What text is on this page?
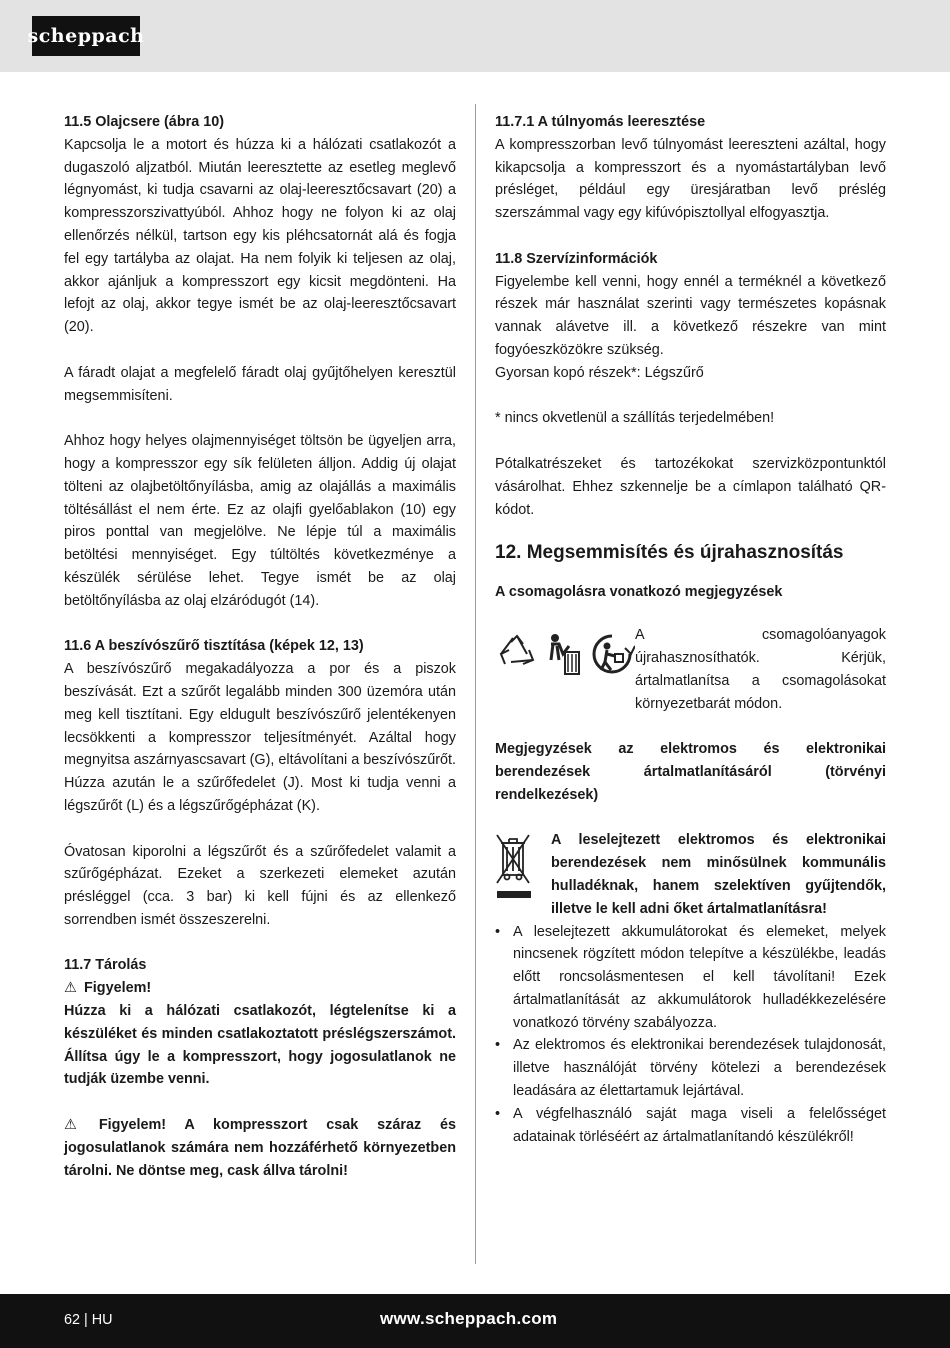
scheppach

11.5 Olajcsere (ábra 10)

Kapcsolja le a motort és húzza ki a hálózati csatlakozót a dugaszoló aljzatból. Miután leeresztette az esetleg meglevő légnyomást, ki tudja csavarni az olaj-leeresztőcsavart (20) a kompresszorszivattyúból. Ahhoz hogy ne folyon ki az olaj ellenőrzés nélkül, tartson egy kis pléhcsatornát alá és fogja fel egy tartályba az olajat. Ha nem folyik ki teljesen az olaj, akkor ajánljuk a kompresszort egy kicsit megdönteni. Ha lefojt az olaj, akkor tegye ismét be az olaj-leeresztőcsavart (20).

A fáradt olajat a megfelelő fáradt olaj gyűjtőhelyen keresztül megsemmisíteni.

Ahhoz hogy helyes olajmennyiséget töltsön be ügyeljen arra, hogy a kompresszor egy sík felületen álljon. Addig új olajat tölteni az olajbetöltőnyílásba, amig az olajállás a maximális töltésállást el nem érte. Ez az olajfi gyelőablakon (10) egy piros ponttal van megjelölve. Ne lépje túl a maximális betöltési mennyiséget. Egy túltöltés következménye a készülék sérülése lehet. Tegye ismét be az olaj betöltőnyílásba az olaj elzáródugót (14).

11.6 A beszívószűrő tisztítása (képek 12, 13)

A beszívószűrő megakadályozza a por és a piszok beszívását. Ezt a szűrőt legalább minden 300 üzemóra után meg kell tisztítani. Egy eldugult beszívószűrő jelentékenyen lecsökkenti a kompresszor teljesítményét. Azáltal hogy megnyitsa aszárnyascsavart (G), eltávolítani a beszívószűrőt. Húzza azután le a szűrőfedelet (J). Most ki tudja venni a légszűrőt (L) és a légszűrőgépházat (K).

Óvatosan kiporolni a légszűrőt és a szűrőfedelet valamit a szűrőgépházat. Ezeket a szerkezeti elemeket azután présléggel (cca. 3 bar) ki kell fújni és az ellenkező sorrendben ismét összeszerelni.

11.7 Tárolás

⚠ Figyelem!

Húzza ki a hálózati csatlakozót, légtelenítse ki a készüléket és minden csatlakoztatott préslégszerszámot. Állítsa úgy le a kompresszort, hogy jogosulatlanok ne tudják üzembe venni.

⚠ Figyelem! A kompresszort csak száraz és jogosulatlanok számára nem hozzáférhető környezetben tárolni. Ne döntse meg, cask állva tárolni!

11.7.1 A túlnyomás leeresztése

A kompresszorban levő túlnyomást leereszteni azáltal, hogy kikapcsolja a kompresszort és a nyomástartályban levő présléget, például egy üresjáratban levő préslég szerszámmal vagy egy kifúvópisztollyal elfogyasztja.

11.8 Szervízinformációk

Figyelembe kell venni, hogy ennél a terméknél a következő részek már használat szerinti vagy természetes kopásnak vannak alávetve ill. a következő részekre van mint fogyóeszközökre szükség.

Gyorsan kopó részek*: Légszűrő

* nincs okvetlenül a szállítás terjedelmében!

Pótalkatrészeket és tartozékokat szervizközpontunktól vásárolhat. Ehhez szkennelje be a címlapon található QR-kódot.

12. Megsemmisítés és újrahasznosítás

A csomagolásra vonatkozó megjegyzések

A csomagolóanyagok újrahasznosíthatók. Kérjük, ártalmatlanítsa a csomagolásokat környezetbarát módon.

Megjegyzések az elektromos és elektronikai berendezések ártalmatlanításáról (törvényi rendelkezések)

A leselejtezett elektromos és elektronikai berendezések nem minősülnek kommunális hulladéknak, hanem szelektíven gyűjtendők, illetve le kell adni őket ártalmatlanításra!

• A leselejtezett akkumulátorokat és elemeket, melyek nincsenek rögzített módon telepítve a készülékbe, leadás előtt roncsolásmentesen el kell távolítani! Ezek ártalmatlanítását az akkumulátorok hulladékkezelésére vonatkozó törvény szabályozza.
• Az elektromos és elektronikai berendezések tulajdonosát, illetve használóját törvény kötelezi a berendezések leadására az élettartamuk lejártával.
• A végfelhasználó saját maga viseli a felelősséget adatainak törléséért az ártalmatlanítandó készülékről!
62 | HU	www.scheppach.com
